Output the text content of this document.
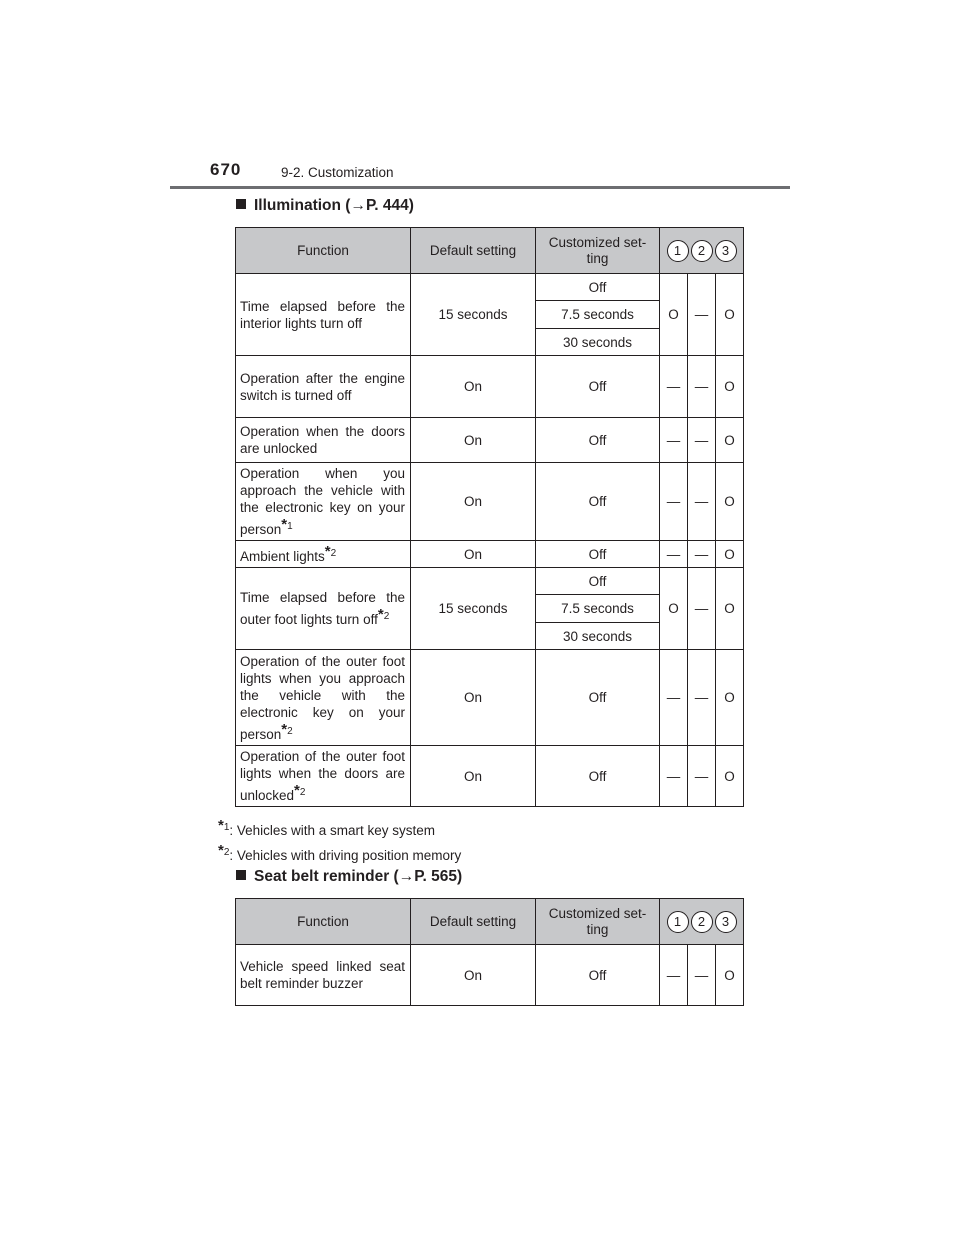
670	9-2. Customization
Illumination (→P. 444)
Function	Default setting	Customized set-
ting	1 2 3		

Time elapsed before the interior lights turn off	15 seconds	Off	O	—	O
		7.5 seconds			
		30 seconds			
Operation after the engine switch is turned off	On	Off	—	—	O
Operation when the doors are unlocked	On	Off	—	—	O
Operation when you approach the vehicle with the electronic key on your person$^{*1}$	On	Off	—	—	O
Ambient lights$^{*2}$	On	Off	—	—	O
Time elapsed before the outer foot lights turn off$^{*2}$	15 seconds	Off	O	—	O
		7.5 seconds			
		30 seconds			
Operation of the outer foot lights when you approach the vehicle with the electronic key on your person$^{*2}$	On	Off	—	—	O
Operation of the outer foot lights when the doors are unlocked$^{*2}$	On	Off	—	—	O
$^{*1}$: Vehicles with a smart key system
$^{*2}$: Vehicles with driving position memory
Seat belt reminder (→P. 565)
Function	Default setting	Customized set-
ting	1 2 3		

Vehicle speed linked seat belt reminder buzzer	On	Off	—	—	O
